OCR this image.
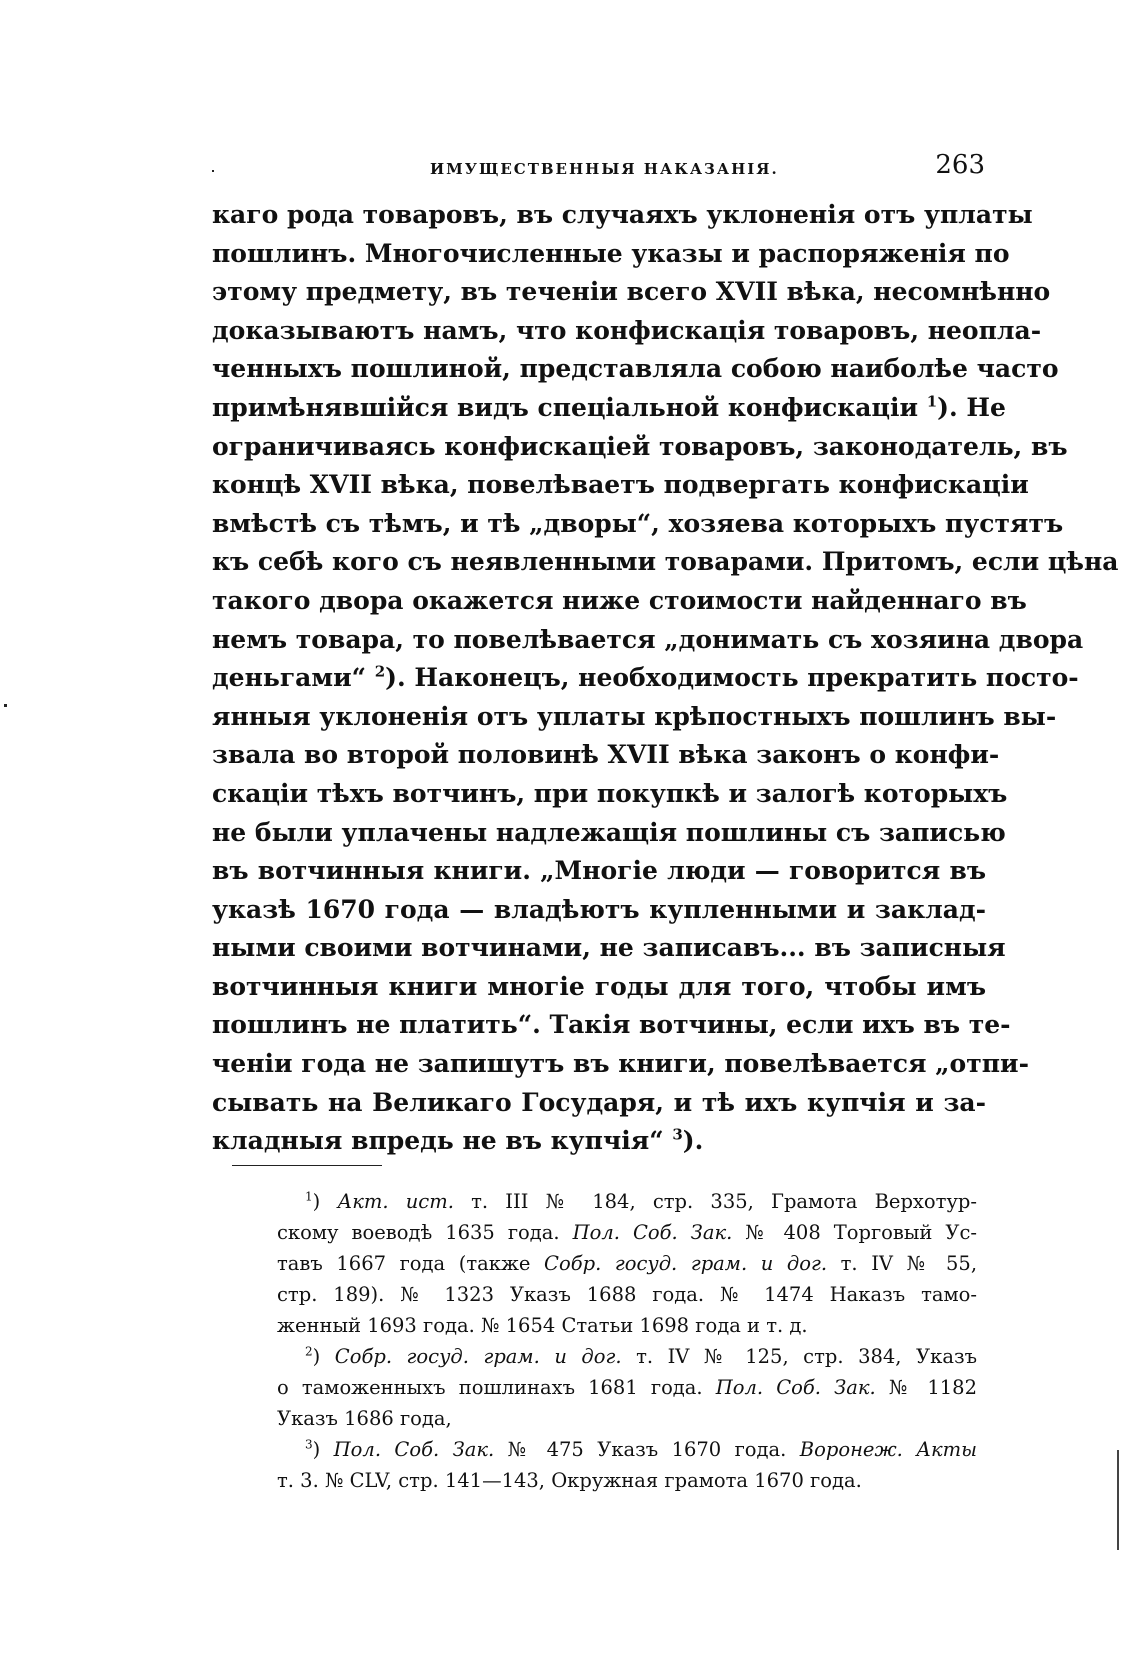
ИМУЩЕСТВЕННЫЯ НАКАЗАНІЯ.	263
каго рода товаровъ, въ случаяхъ уклоненія отъ уплаты
пошлинъ. Многочисленные указы и распоряженія по
этому предмету, въ теченіи всего XVII вѣка, несомнѣнно
доказываютъ намъ, что конфискація товаровъ, неопла-
ченныхъ пошлиной, представляла собою наиболѣе часто
примѣнявшійся видъ спеціальной конфискаціи $^1$). Не
ограничиваясь конфискаціей товаровъ, законодатель, въ
концѣ XVII вѣка, повелѣваетъ подвергать конфискаціи
вмѣстѣ съ тѣмъ, и тѣ „дворы“, хозяева которыхъ пустятъ
къ себѣ кого съ неявленными товарами. Притомъ, если цѣна
такого двора окажется ниже стоимости найденнаго въ
немъ товара, то повелѣвается „донимать съ хозяина двора
деньгами“ $^2$). Наконецъ, необходимость прекратить посто-
янныя уклоненія отъ уплаты крѣпостныхъ пошлинъ вы-
звала во второй половинѣ XVII вѣка законъ о конфи-
скаціи тѣхъ вотчинъ, при покупкѣ и залогѣ которыхъ
не были уплачены надлежащія пошлины съ записью
въ вотчинныя книги. „Многіе люди — говорится въ
указѣ 1670 года — владѣютъ купленными и заклад-
ными своими вотчинами, не записавъ... въ записныя
вотчинныя книги многіе годы для того, чтобы имъ
пошлинъ не платить“. Такія вотчины, если ихъ въ те-
ченіи года не запишутъ въ книги, повелѣвается „отпи-
сывать на Великаго Государя, и тѣ ихъ купчія и за-
кладныя впредь не въ купчія“ $^3$).
$^1$) Акт. ист. т. III № 184, стр. 335, Грамота Верхотур-
скому воеводѣ 1635 года. Пол. Соб. Зак. № 408 Торговый Ус-
тавъ 1667 года (также Собр. госуд. грам. и дог. т. IV № 55,
стр. 189). № 1323 Указъ 1688 года. № 1474 Наказъ тамо-
женный 1693 года. № 1654 Статьи 1698 года и т. д.
$^2$) Собр. госуд. грам. и дог. т. IV № 125, стр. 384, Указъ
о таможенныхъ пошлинахъ 1681 года. Пол. Соб. Зак. № 1182
Указъ 1686 года,
$^3$) Пол. Соб. Зак. № 475 Указъ 1670 года. Воронеж. Акты
т. 3. № CLV, стр. 141—143, Окружная грамота 1670 года.
